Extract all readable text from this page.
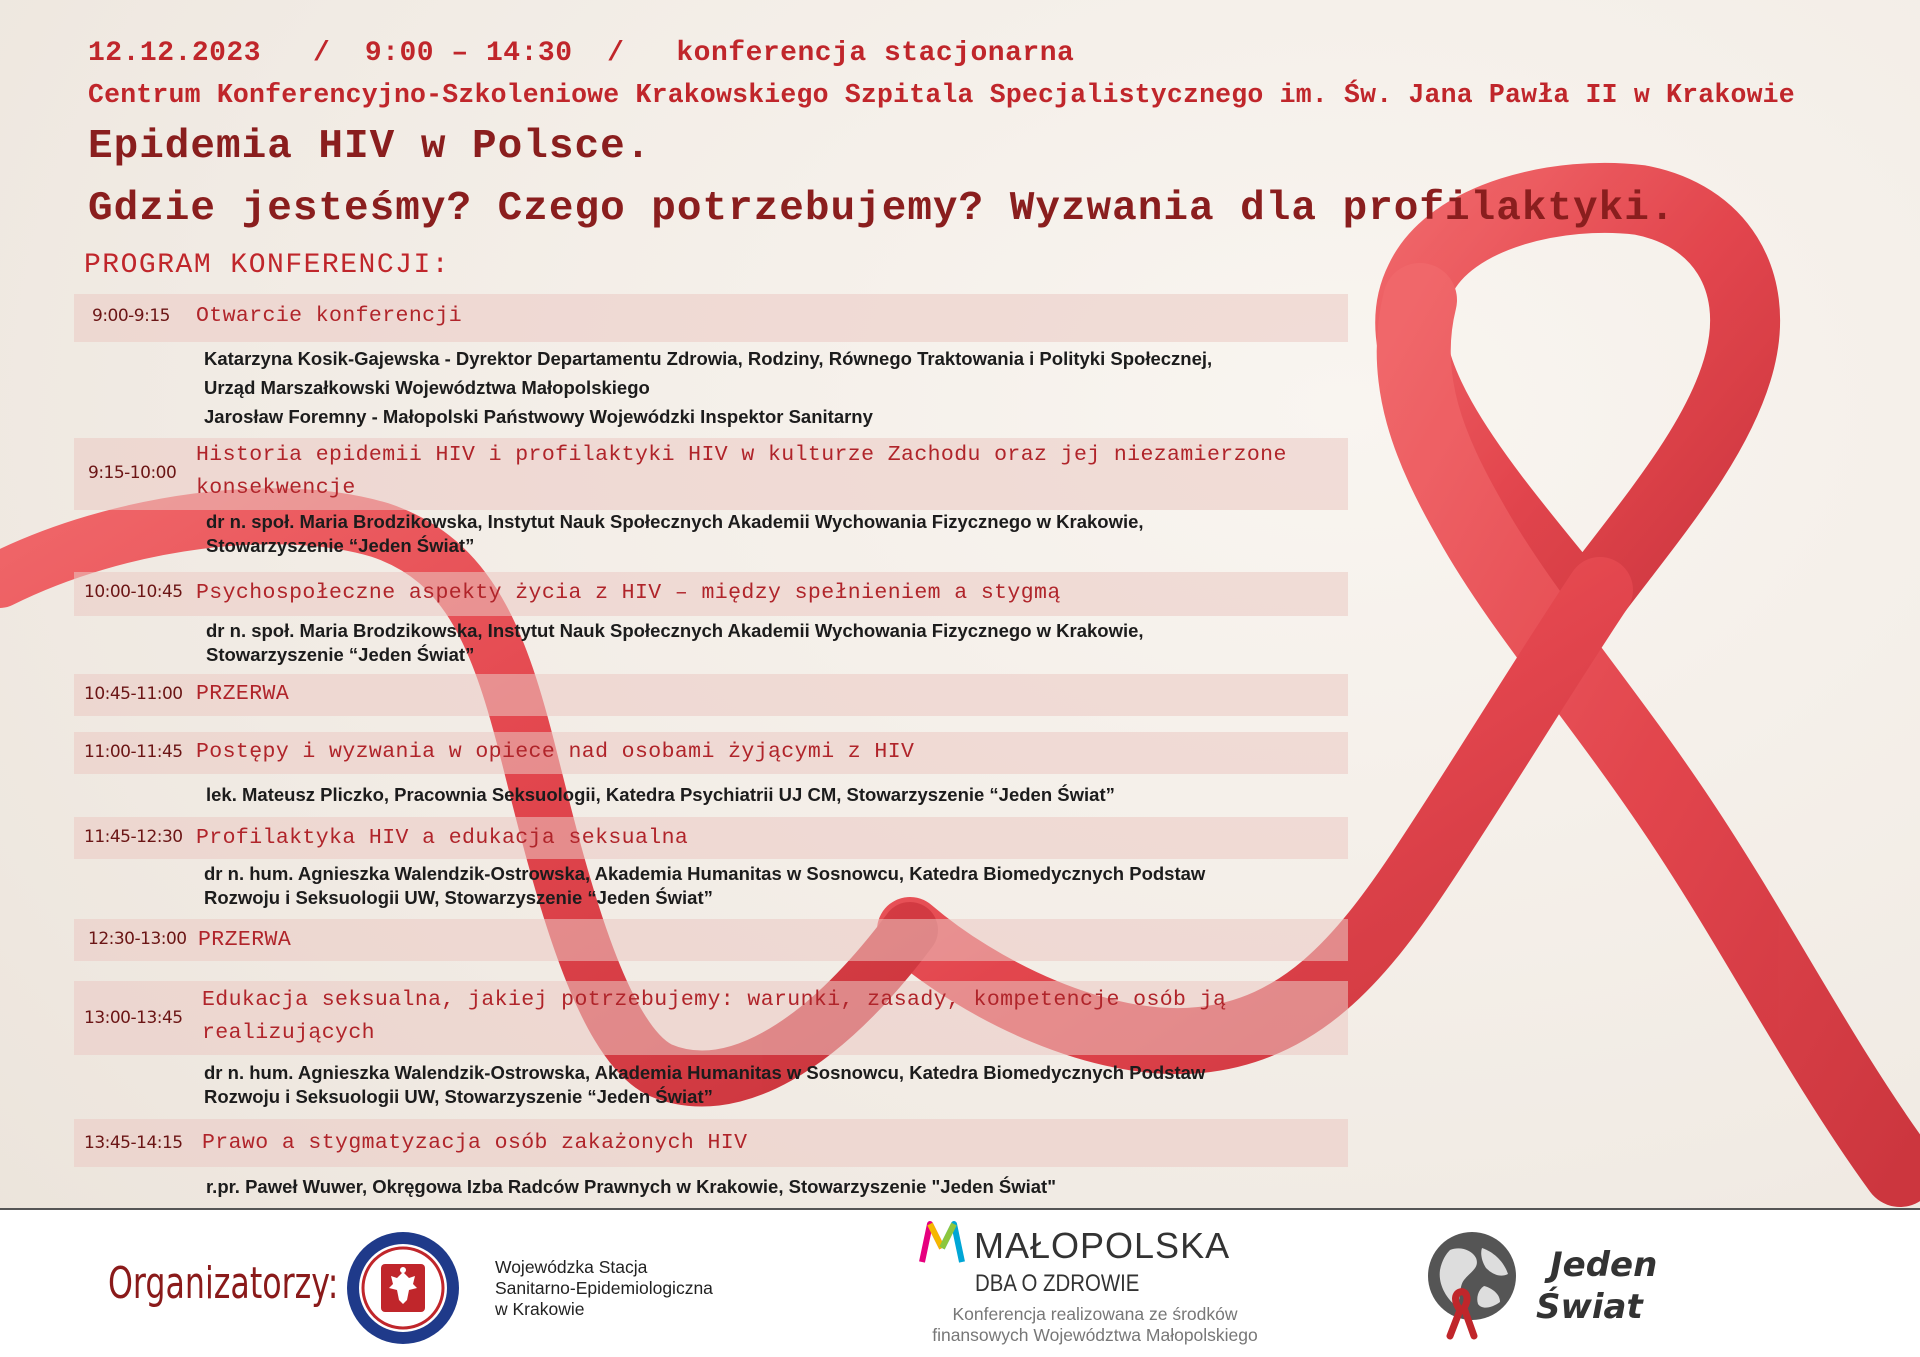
12.12.2023 / 9:00 – 14:30 / konferencja stacjonarna
Centrum Konferencyjno-Szkoleniowe Krakowskiego Szpitala Specjalistycznego im. Św. Jana Pawła II w Krakowie
Epidemia HIV w Polsce.
Gdzie jesteśmy? Czego potrzebujemy? Wyzwania dla profilaktyki.
PROGRAM KONFERENCJI:
9:00-9:15 Otwarcie konferencji
Katarzyna Kosik-Gajewska - Dyrektor Departamentu Zdrowia, Rodziny, Równego Traktowania i Polityki Społecznej,
Urząd Marszałkowski Województwa Małopolskiego
Jarosław Foremny - Małopolski Państwowy Wojewódzki Inspektor Sanitarny
9:15-10:00
Historia epidemii HIV i profilaktyki HIV w kulturze Zachodu oraz jej niezamierzone
konsekwencje
dr n. społ. Maria Brodzikowska, Instytut Nauk Społecznych Akademii Wychowania Fizycznego w Krakowie,
Stowarzyszenie “Jeden Świat”
10:00-10:45 Psychospołeczne aspekty życia z HIV – między spełnieniem a stygmą
dr n. społ. Maria Brodzikowska, Instytut Nauk Społecznych Akademii Wychowania Fizycznego w Krakowie,
Stowarzyszenie “Jeden Świat”
10:45-11:00 PRZERWA
11:00-11:45 Postępy i wyzwania w opiece nad osobami żyjącymi z HIV
lek. Mateusz Pliczko, Pracownia Seksuologii, Katedra Psychiatrii UJ CM, Stowarzyszenie “Jeden Świat”
11:45-12:30 Profilaktyka HIV a edukacja seksualna
dr n. hum. Agnieszka Walendzik-Ostrowska, Akademia Humanitas w Sosnowcu, Katedra Biomedycznych Podstaw
Rozwoju i Seksuologii UW, Stowarzyszenie “Jeden Świat”
12:30-13:00 PRZERWA
13:00-13:45
Edukacja seksualna, jakiej potrzebujemy: warunki, zasady, kompetencje osób ją
realizujących
dr n. hum. Agnieszka Walendzik-Ostrowska, Akademia Humanitas w Sosnowcu, Katedra Biomedycznych Podstaw
Rozwoju i Seksuologii UW, Stowarzyszenie “Jeden Świat”
13:45-14:15 Prawo a stygmatyzacja osób zakażonych HIV
r.pr. Paweł Wuwer, Okręgowa Izba Radców Prawnych w Krakowie, Stowarzyszenie "Jeden Świat"
Organizatorzy:	Wojewódzka Stacja
Sanitarno-Epidemiologiczna
w Krakowie
MAŁOPOLSKA
DBA O ZDROWIE
Konferencja realizowana ze środków
finansowych Województwa Małopolskiego
Jeden
Świat
